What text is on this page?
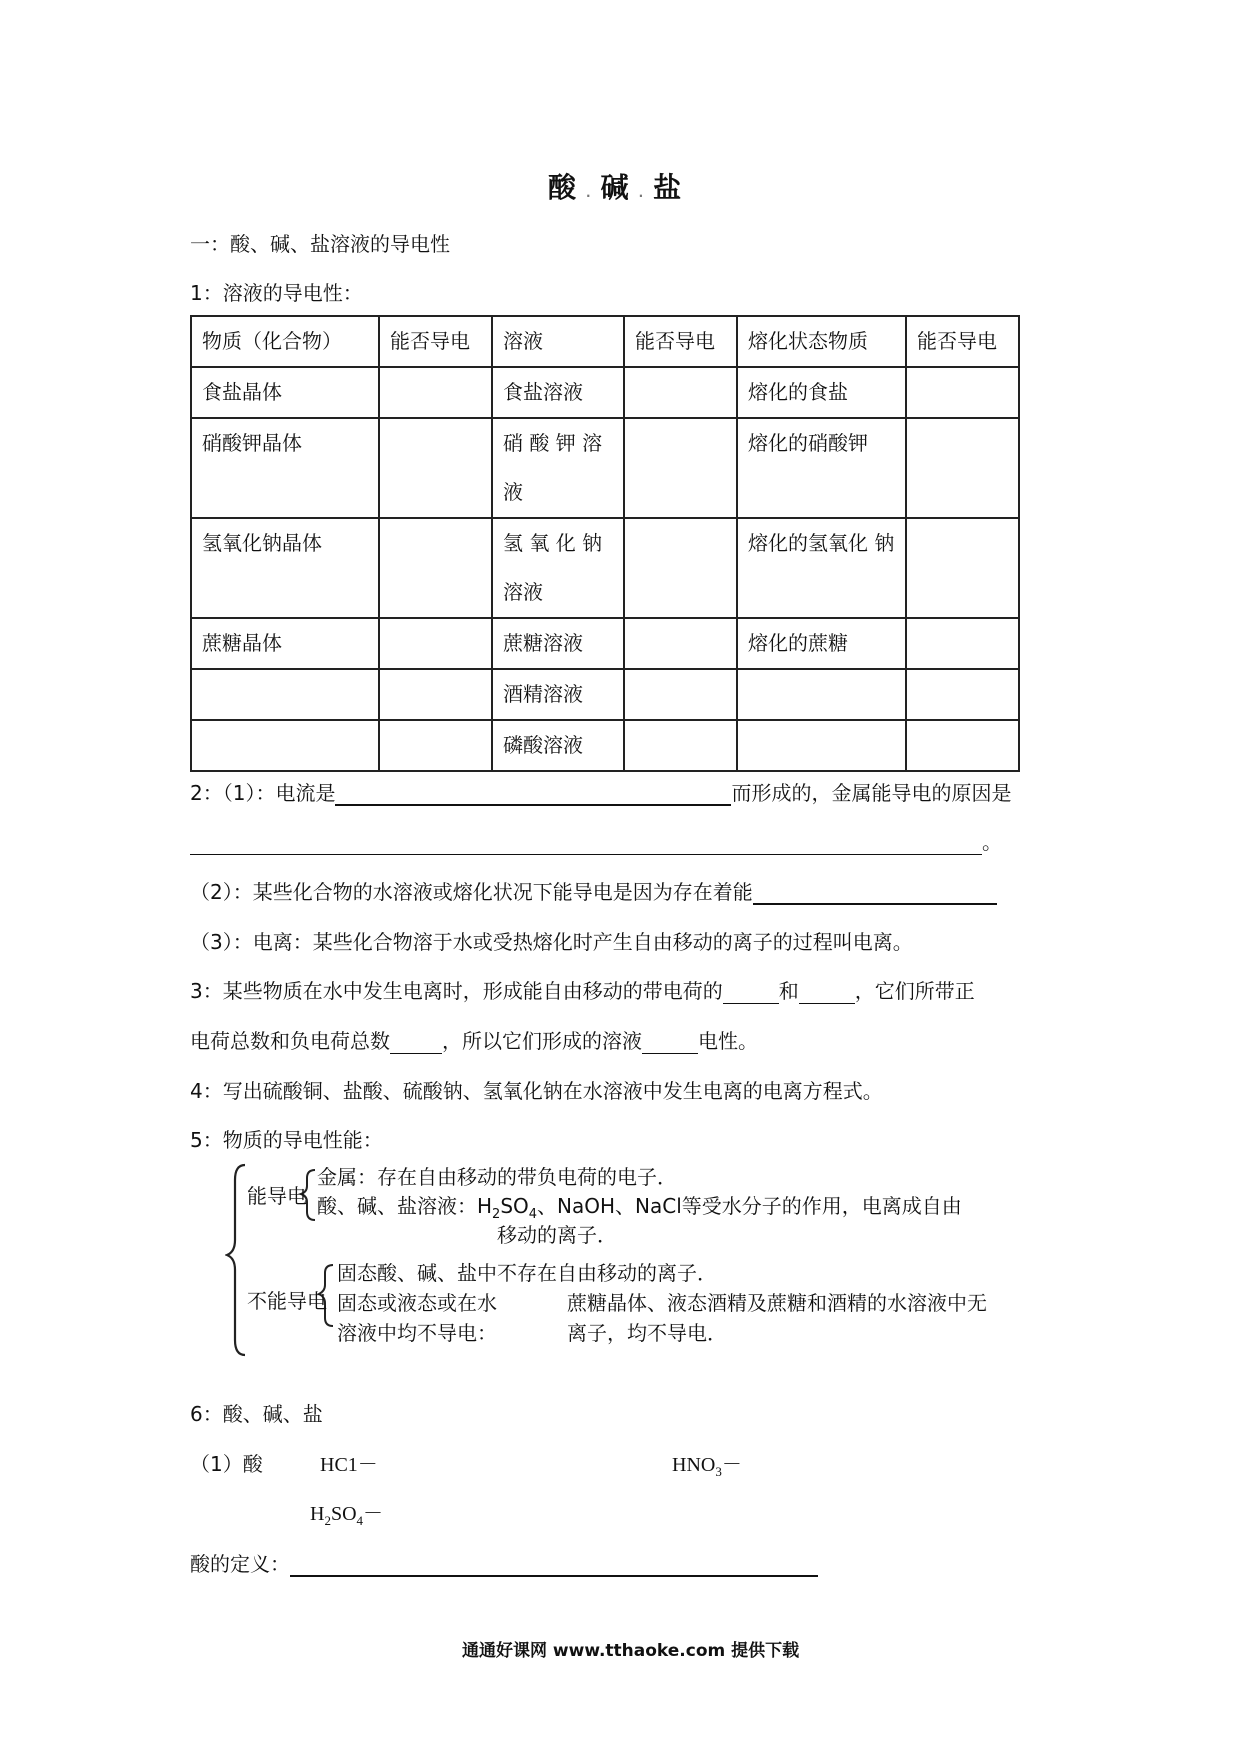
酸 . 碱 . 盐
一：酸、碱、盐溶液的导电性
1：溶液的导电性：
物质（化合物）	能否导电	溶液	能否导电	熔化状态物质	能否导电
食盐晶体		食盐溶液		熔化的食盐	
硝酸钾晶体		硝 酸 钾 溶 液		熔化的硝酸钾	
氢氧化钠晶体		氢 氧 化 钠 溶液		熔化的氢氧化 钠	
蔗糖晶体		蔗糖溶液		熔化的蔗糖	
		酒精溶液			
		磷酸溶液			
2：（1）：电流是	而形成的，金属能导电的原因是
。
（2）：某些化合物的水溶液或熔化状况下能导电是因为存在着能
（3）：电离：某些化合物溶于水或受热熔化时产生自由移动的离子的过程叫电离。
3：某些物质在水中发生电离时，形成能自由移动的带电荷的	和	，它们所带正
电荷总数和负电荷总数	，所以它们形成的溶液	电性。
4：写出硫酸铜、盐酸、硫酸钠、氢氧化钠在水溶液中发生电离的电离方程式。
5：物质的导电性能：
能导电
金属：存在自由移动的带负电荷的电子．
酸、碱、盐溶液：$H_2SO_4$、NaOH、NaCl等受水分子的作用，电离成自由
移动的离子．
不能导电
固态酸、碱、盐中不存在自由移动的离子．
固态或液态或在水
溶液中均不导电：
蔗糖晶体、液态酒精及蔗糖和酒精的水溶液中无
离子，均不导电．
6：酸、碱、盐
（1）酸	HC1－	$HNO_3-$
$H_2SO_4-$
酸的定义：
通通好课网 www.tthaoke.com 提供下载
